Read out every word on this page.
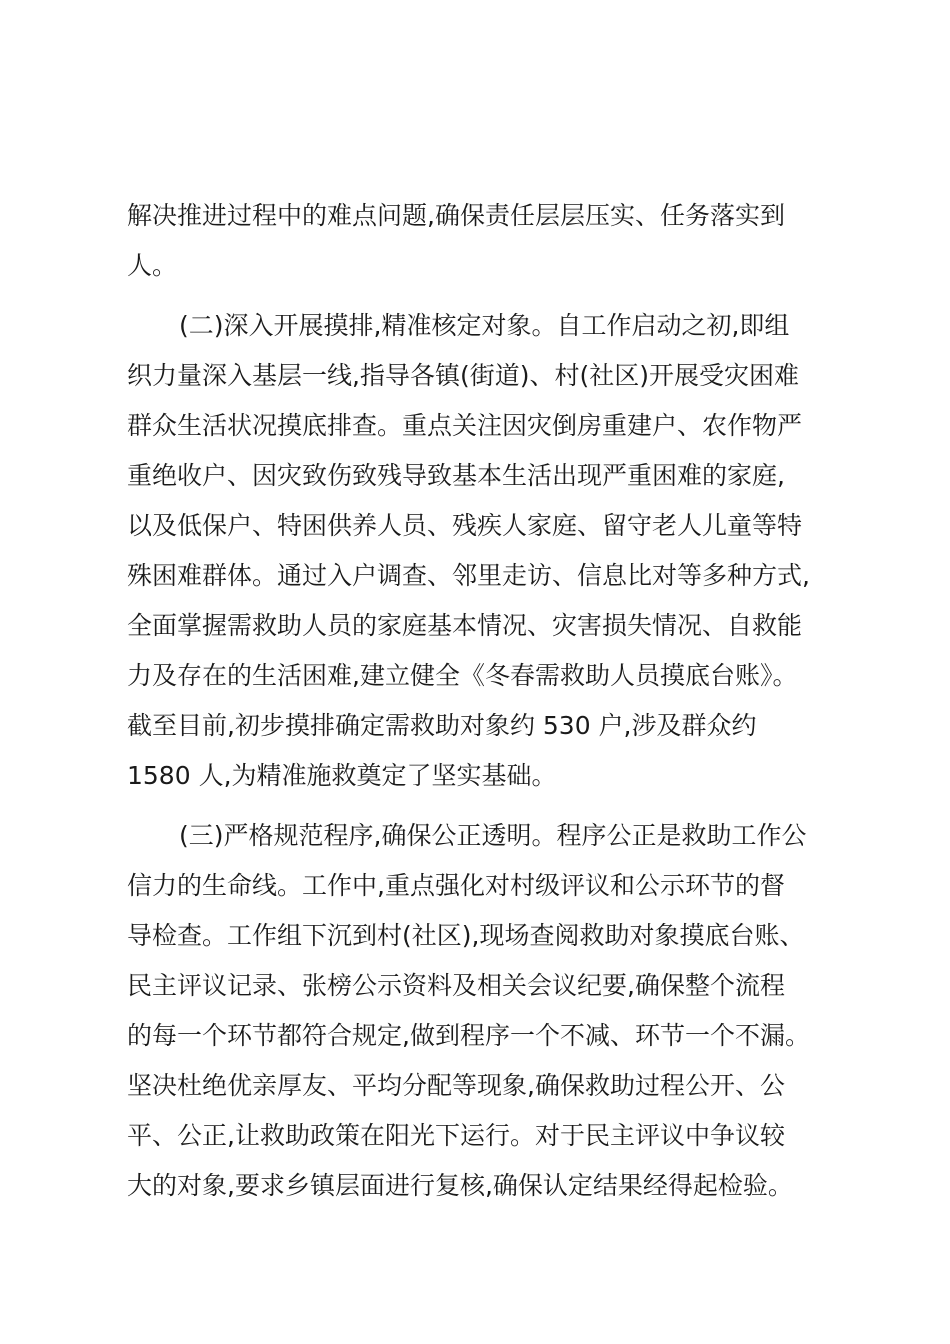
解决推进过程中的难点问题,确保责任层层压实、任务落实到
人。
(二)深入开展摸排,精准核定对象。自工作启动之初,即组
织力量深入基层一线,指导各镇(街道)、村(社区)开展受灾困难
群众生活状况摸底排查。重点关注因灾倒房重建户、农作物严
重绝收户、因灾致伤致残导致基本生活出现严重困难的家庭,
以及低保户、特困供养人员、残疾人家庭、留守老人儿童等特
殊困难群体。通过入户调查、邻里走访、信息比对等多种方式,
全面掌握需救助人员的家庭基本情况、灾害损失情况、自救能
力及存在的生活困难,建立健全《冬春需救助人员摸底台账》。
截至目前,初步摸排确定需救助对象约 530 户,涉及群众约
1580 人,为精准施救奠定了坚实基础。
(三)严格规范程序,确保公正透明。程序公正是救助工作公
信力的生命线。工作中,重点强化对村级评议和公示环节的督
导检查。工作组下沉到村(社区),现场查阅救助对象摸底台账、
民主评议记录、张榜公示资料及相关会议纪要,确保整个流程
的每一个环节都符合规定,做到程序一个不减、环节一个不漏。
坚决杜绝优亲厚友、平均分配等现象,确保救助过程公开、公
平、公正,让救助政策在阳光下运行。对于民主评议中争议较
大的对象,要求乡镇层面进行复核,确保认定结果经得起检验。
